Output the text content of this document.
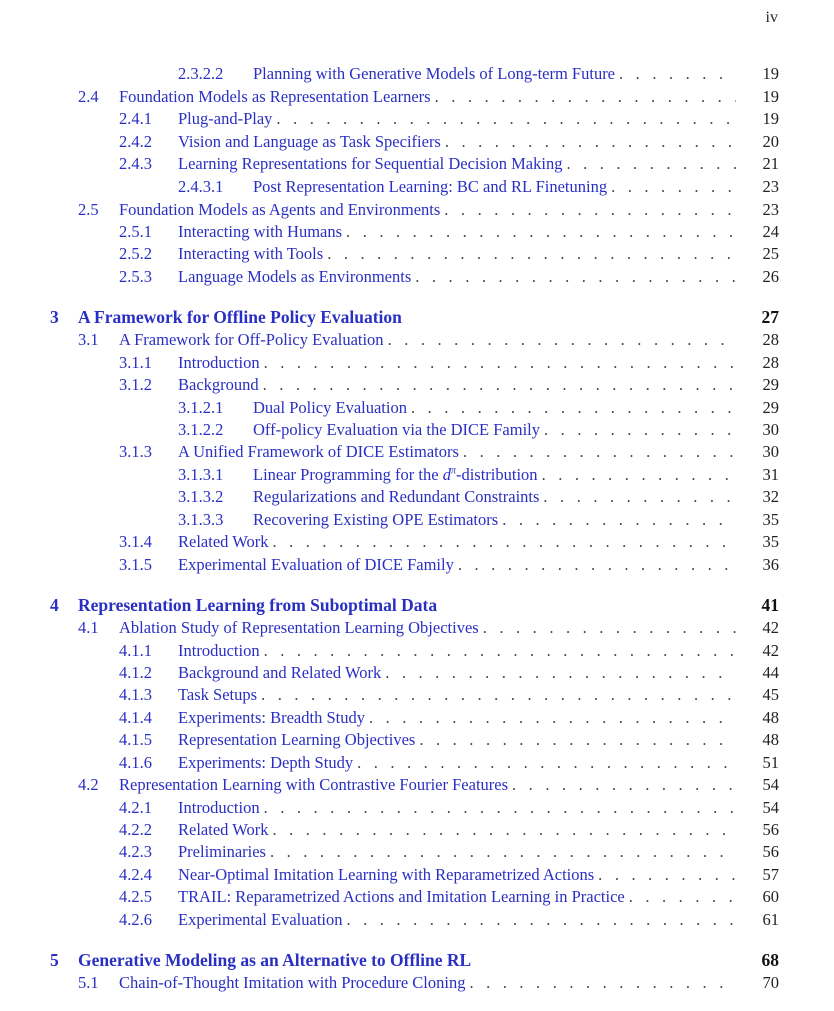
iv
2.3.2.2 Planning with Generative Models of Long-term Future . . .	19
2.4 Foundation Models as Representation Learners . . .	19
2.4.1 Plug-and-Play . . .	19
2.4.2 Vision and Language as Task Specifiers . . .	20
2.4.3 Learning Representations for Sequential Decision Making . . .	21
2.4.3.1 Post Representation Learning: BC and RL Finetuning . . .	23
2.5 Foundation Models as Agents and Environments . . .	23
2.5.1 Interacting with Humans . . .	24
2.5.2 Interacting with Tools . . .	25
2.5.3 Language Models as Environments . . .	26
3 A Framework for Offline Policy Evaluation	27
3.1 A Framework for Off-Policy Evaluation . . .	28
3.1.1 Introduction . . .	28
3.1.2 Background . . .	29
3.1.2.1 Dual Policy Evaluation . . .	29
3.1.2.2 Off-policy Evaluation via the DICE Family . . .	30
3.1.3 A Unified Framework of DICE Estimators . . .	30
3.1.3.1 Linear Programming for the $d^\pi$-distribution . . .	31
3.1.3.2 Regularizations and Redundant Constraints . . .	32
3.1.3.3 Recovering Existing OPE Estimators . . .	35
3.1.4 Related Work . . .	35
3.1.5 Experimental Evaluation of DICE Family . . .	36
4 Representation Learning from Suboptimal Data	41
4.1 Ablation Study of Representation Learning Objectives . . .	42
4.1.1 Introduction . . .	42
4.1.2 Background and Related Work . . .	44
4.1.3 Task Setups . . .	45
4.1.4 Experiments: Breadth Study . . .	48
4.1.5 Representation Learning Objectives . . .	48
4.1.6 Experiments: Depth Study . . .	51
4.2 Representation Learning with Contrastive Fourier Features . . .	54
4.2.1 Introduction . . .	54
4.2.2 Related Work . . .	56
4.2.3 Preliminaries . . .	56
4.2.4 Near-Optimal Imitation Learning with Reparametrized Actions . . .	57
4.2.5 TRAIL: Reparametrized Actions and Imitation Learning in Practice . . .	60
4.2.6 Experimental Evaluation . . .	61
5 Generative Modeling as an Alternative to Offline RL	68
5.1 Chain-of-Thought Imitation with Procedure Cloning . . .	70
